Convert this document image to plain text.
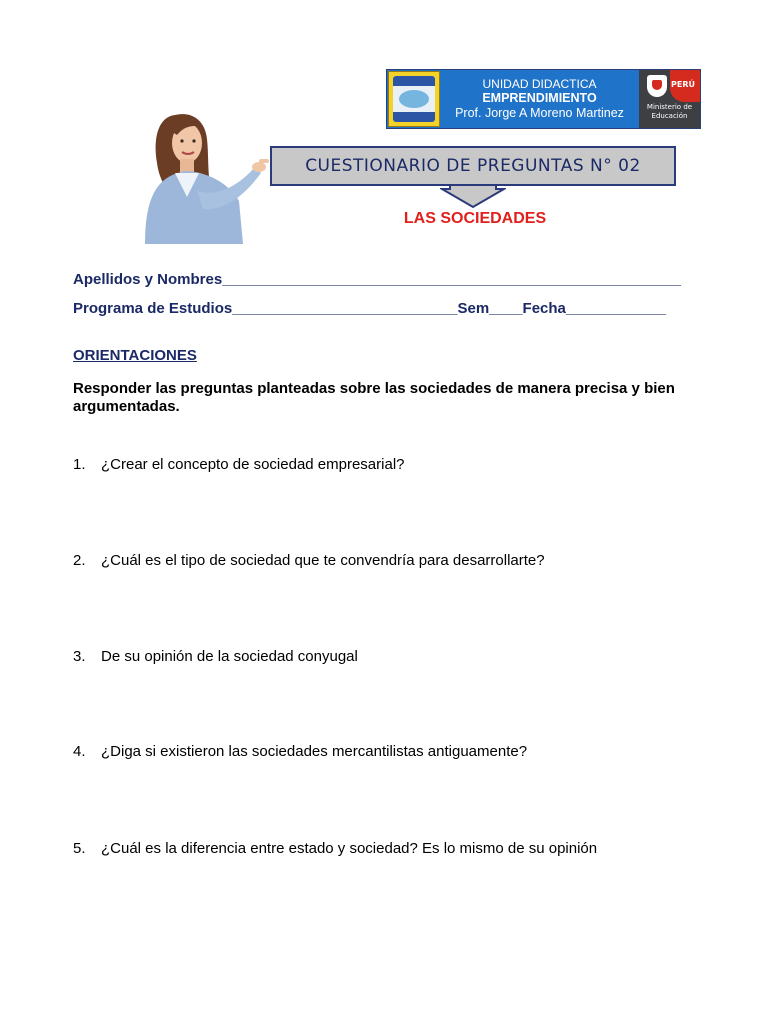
UNIDAD DIDACTICA
EMPRENDIMIENTO
Prof. Jorge A Moreno Martinez
PERÚ
Ministerio de Educación
CUESTIONARIO DE PREGUNTAS N° 02
LAS SOCIEDADES
Apellidos y Nombres_______________________________________________________
Programa de Estudios___________________________Sem____Fecha____________
ORIENTACIONES
Responder las preguntas planteadas sobre las sociedades de manera precisa y bien argumentadas.
1. ¿Crear el concepto de sociedad empresarial?
2. ¿Cuál es el tipo de sociedad que te convendría para desarrollarte?
3. De su opinión de la sociedad conyugal
4. ¿Diga si existieron las sociedades mercantilistas antiguamente?
5. ¿Cuál es la diferencia entre estado y sociedad? Es lo mismo de su opinión
